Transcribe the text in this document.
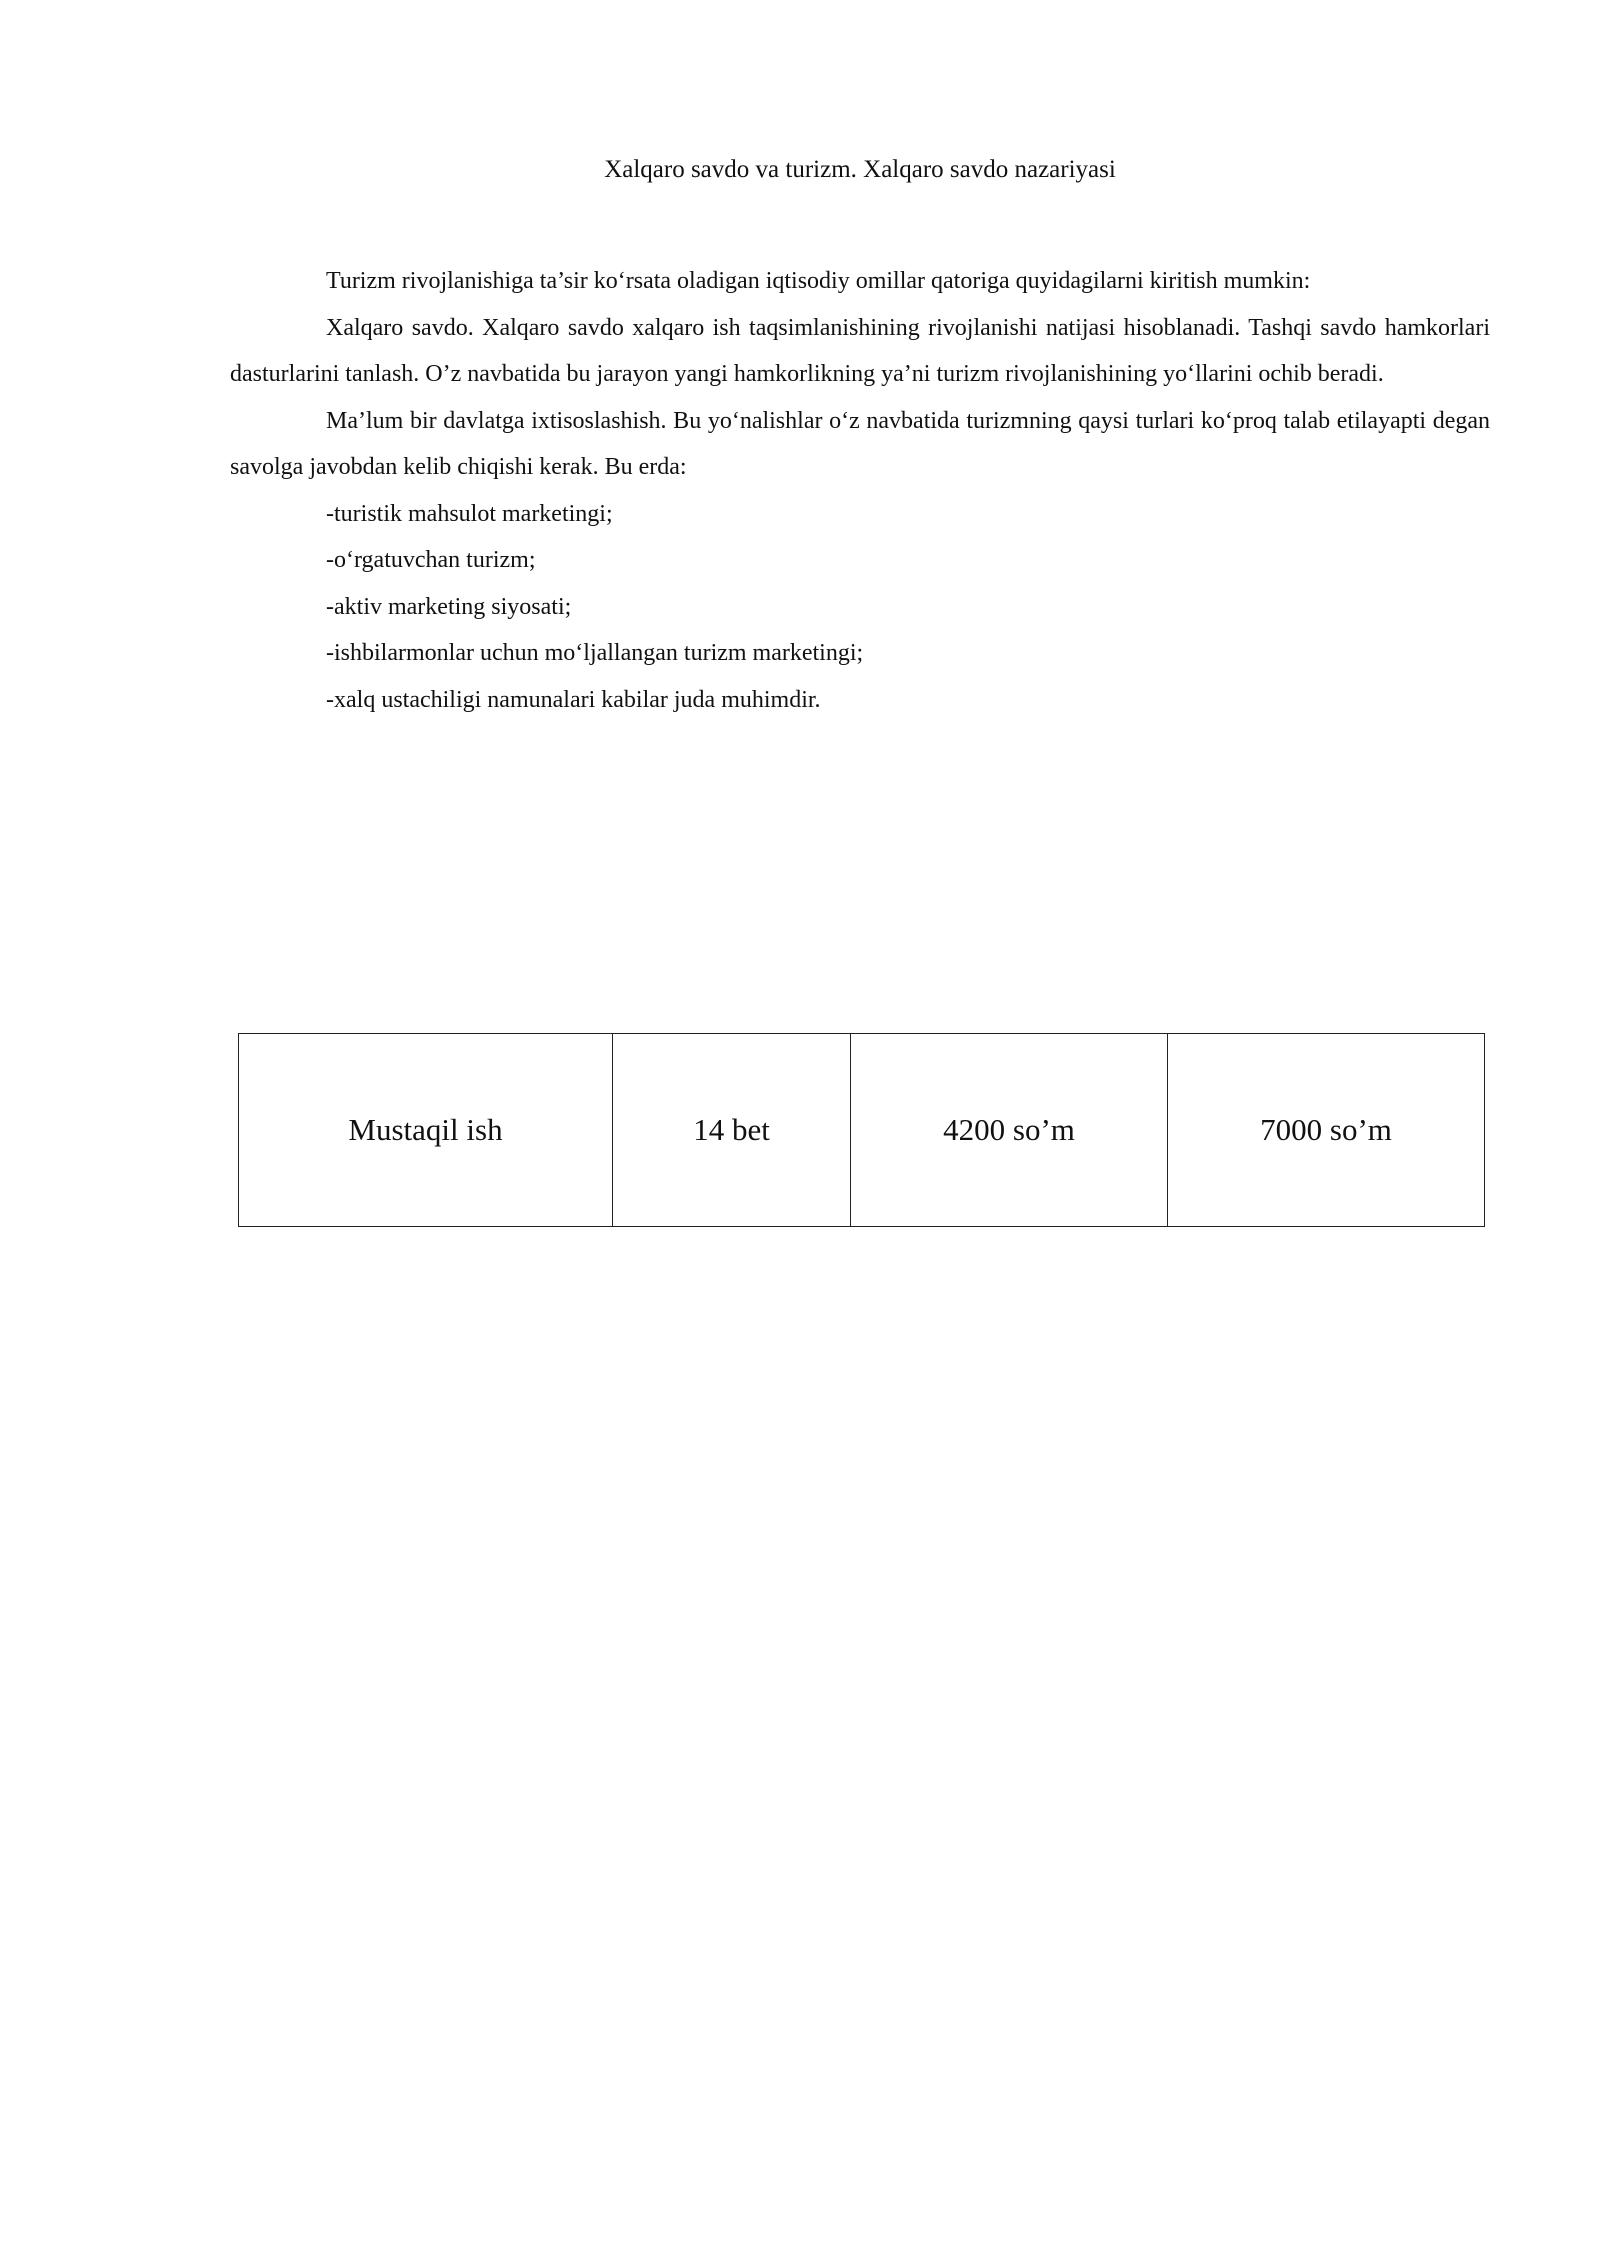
Xalqaro savdo va turizm. Xalqaro savdo nazariyasi

Turizm rivojlanishiga ta’sir ko‘rsata oladigan iqtisodiy omillar qatoriga quyidagilarni kiritish mumkin:

Xalqaro savdo. Xalqaro savdo xalqaro ish taqsimlanishining rivojlanishi natijasi hisoblanadi. Tashqi savdo hamkorlari dasturlarini tanlash. O’z navbatida bu jarayon yangi hamkorlikning ya’ni turizm rivojlanishining yo‘llarini ochib beradi.

Ma’lum bir davlatga ixtisoslashish. Bu yo‘nalishlar o‘z navbatida turizmning qaysi turlari ko‘proq talab etilayapti degan savolga javobdan kelib chiqishi kerak. Bu erda:

-turistik mahsulot marketingi;

-o‘rgatuvchan turizm;

-aktiv marketing siyosati;

-ishbilarmonlar uchun mo‘ljallangan turizm marketingi;

-xalq ustachiligi namunalari kabilar juda muhimdir.

Mustaqil ish	14 bet	4200 so’m	7000 so’m
